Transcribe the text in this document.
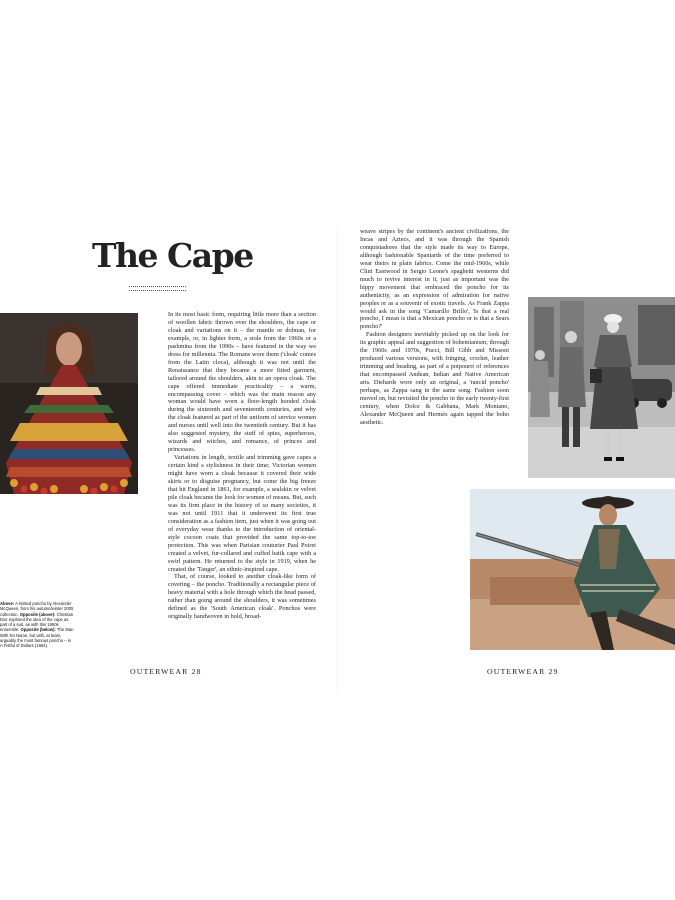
The Cape

In its most basic form, requiring little more than a section of woollen fabric thrown over the shoulders, the cape or cloak and variations on it – the mantle or dolman, for example, or, in lighter form, a stole from the 1960s or a pashmina from the 1990s – have featured in the way we dress for millennia. The Romans wore them ('cloak' comes from the Latin cloca), although it was not until the Renaissance that they became a more fitted garment, tailored around the shoulders, akin to an opera cloak. The cape offered immediate practicality – a warm, encompassing cover – which was the main reason any woman would have worn a floor-length hooded cloak during the sixteenth and seventeenth centuries, and why the cloak featured as part of the uniform of service women and nurses until well into the twentieth century. But it has also suggested mystery, the stuff of spies, superheroes, wizards and witches, and romance, of princes and princesses.

Variations in length, textile and trimming gave capes a certain kind a stylishness in their time; Victorian women might have worn a cloak because it covered their wide skirts or to disguise pregnancy, but come the big freeze that hit England in 1861, for example, a sealskin or velvet pile cloak became the look for women of means. But, such was its firm place in the history of so many societies, it was not until 1911 that it underwent its first true consideration as a fashion item, just when it was going out of everyday wear thanks to the introduction of oriental-style cocoon coats that provided the same top-to-toe protection. This was when Parisian couturier Paul Poiret created a velvet, fur-collared and cuffed batik cape with a swirl pattern. He returned to the style in 1919, when he created the 'Tanger', an ethnic-inspired cape.

That, of course, looked to another cloak-like form of covering – the poncho. Traditionally a rectangular piece of heavy material with a hole through which the head passed, rather than going around the shoulders, it was sometimes defined as the 'South American cloak'. Ponchos were originally handwoven in bold, broad-

Above: A knitted poncho by Alexander McQueen, from his autumn/winter 2005 collection. Opposite (above): Christian Dior explored the idea of the cape as part of a suit, as with this 1950s ensemble. Opposite (below): The Man With No Name, but with, at least, arguably the most famous poncho – in A Fistful of Dollars (1964).

weave stripes by the continent's ancient civilizations, the Incas and Aztecs, and it was through the Spanish conquistadores that the style made its way to Europe, although fashionable Spaniards of the time preferred to wear theirs in plain fabrics. Come the mid-1960s, while Clint Eastwood in Sergio Leone's spaghetti westerns did much to revive interest in it, just as important was the hippy movement that embraced the poncho for its authenticity, as an expression of admiration for native peoples or as a souvenir of exotic travels. As Frank Zappa would ask in the song 'Camarillo Brillo', 'Is that a real poncho, I mean is that a Mexican poncho or is that a Sears poncho?'

Fashion designers inevitably picked up on the look for its graphic appeal and suggestion of bohemianism; through the 1960s and 1970s, Pucci, Bill Gibb and Missoni produced various versions, with fringing, crochet, leather trimming and beading, as part of a potpourri of references that encompassed Andean, Indian and Native American arts. Diehards wore only an original, a 'rancid poncho' perhaps, as Zappa sang in the same song. Fashion soon moved on, but revisited the poncho in the early twenty-first century, when Dolce & Gabbana, Mark Montano, Alexander McQueen and Hermès again tapped the boho aesthetic.

OUTERWEAR 28	OUTERWEAR 29
